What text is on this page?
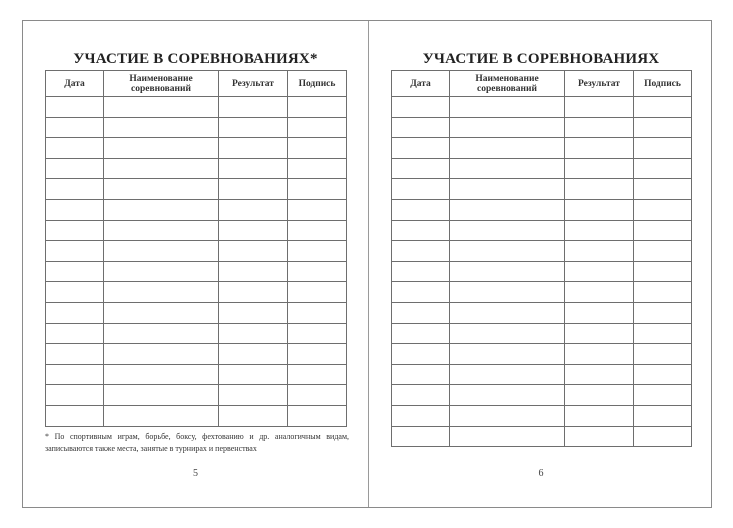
УЧАСТИЕ В СОРЕВНОВАНИЯХ*
Дата	Наименование соревнований	Результат	Подпись

* По спортивным играм, борьбе, боксу, фехтованию и др. аналогичным видам, записываются также места, занятые в турнирах и первенствах
5
УЧАСТИЕ В СОРЕВНОВАНИЯХ
Дата	Наименование соревнований	Результат	Подпись

6
